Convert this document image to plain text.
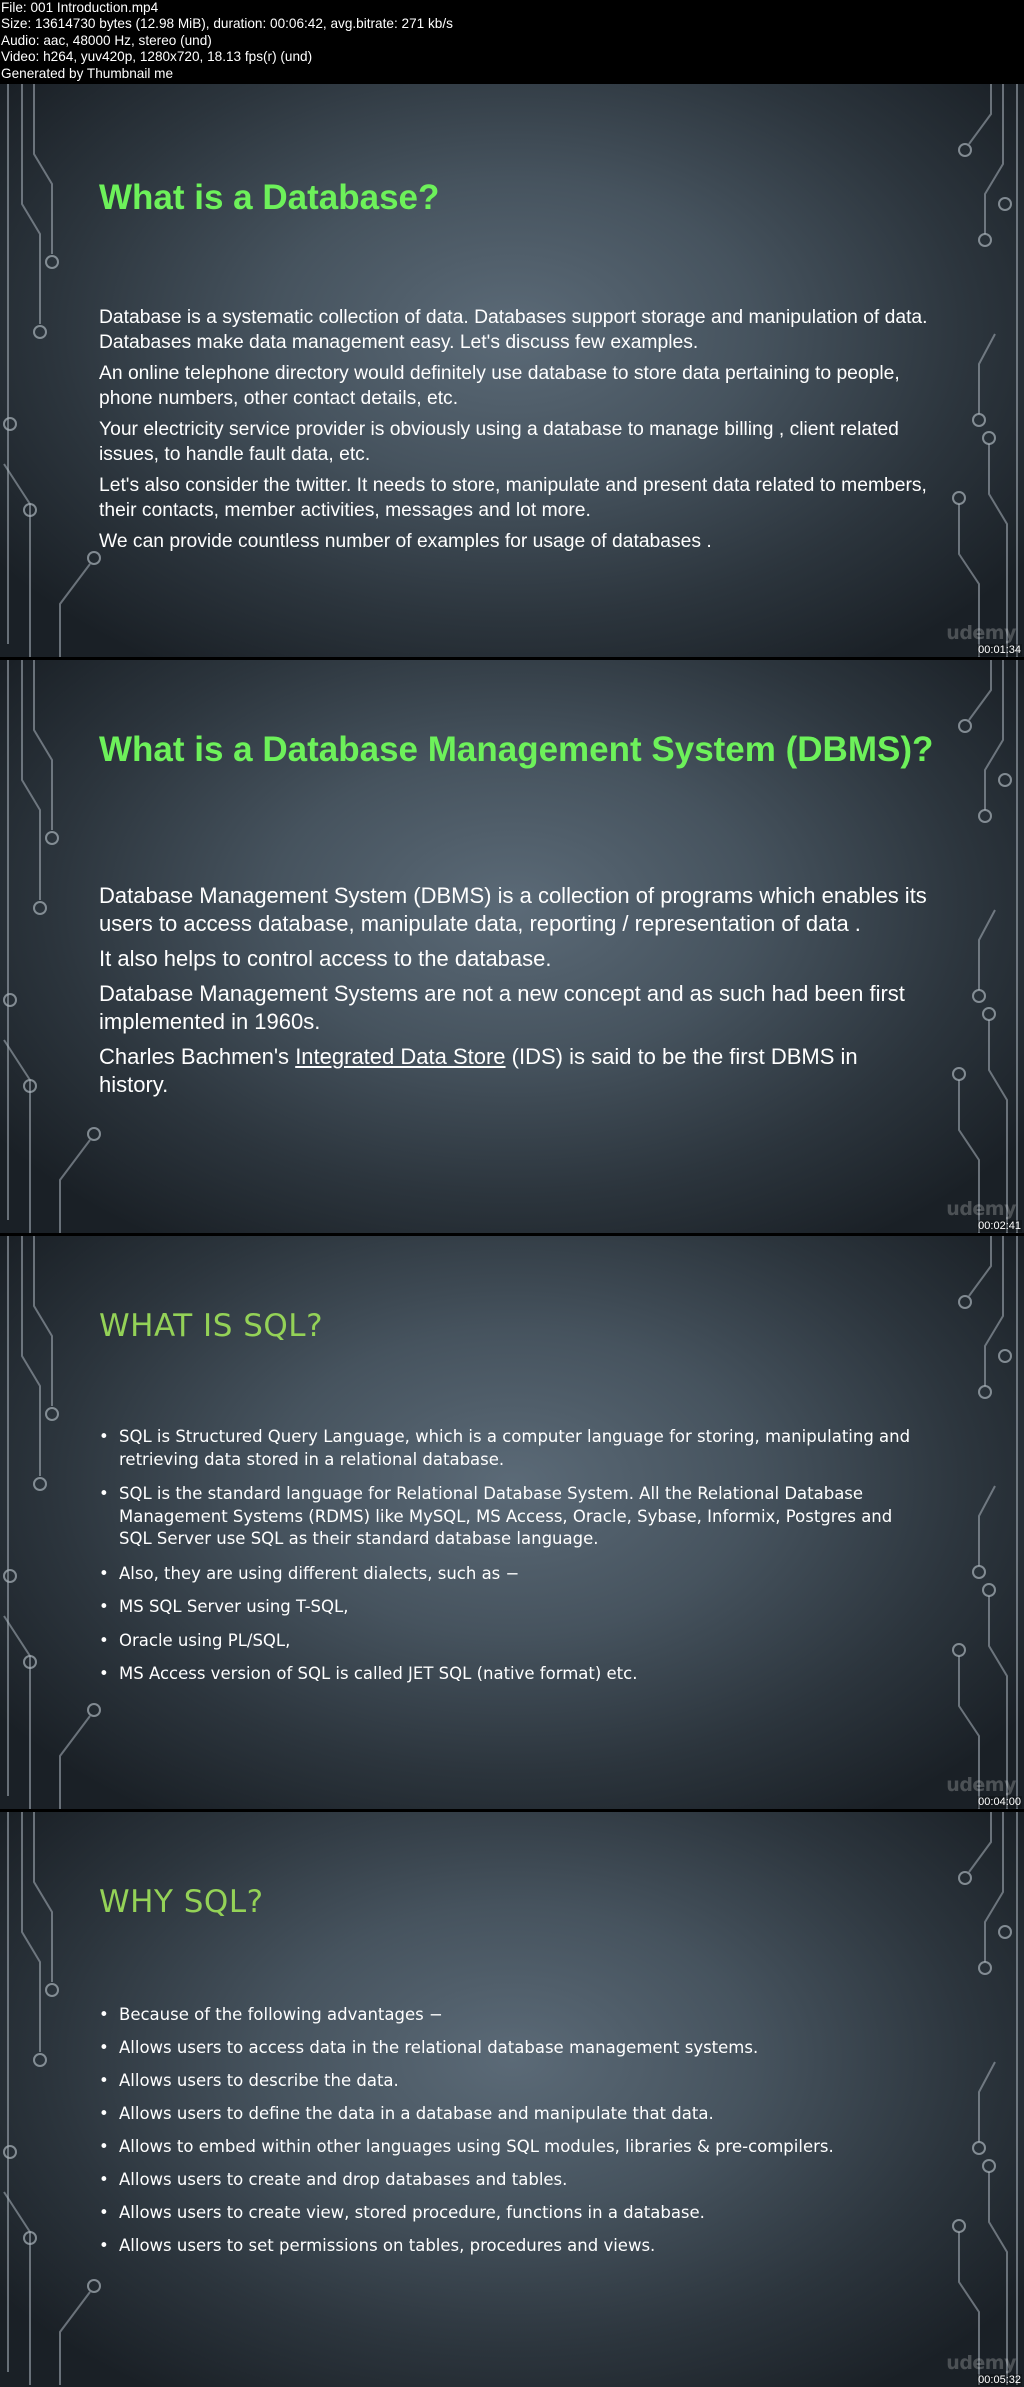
File: 001 Introduction.mp4
Size: 13614730 bytes (12.98 MiB), duration: 00:06:42, avg.bitrate: 271 kb/s
Audio: aac, 48000 Hz, stereo (und)
Video: h264, yuv420p, 1280x720, 18.13 fps(r) (und)
Generated by Thumbnail me
What is a Database?

Database is a systematic collection of data. Databases support storage and manipulation of data. Databases make data management easy. Let's discuss few examples.

An online telephone directory would definitely use database to store data pertaining to people, phone numbers, other contact details, etc.

Your electricity service provider is obviously using a database to manage billing , client related issues, to handle fault data, etc.

Let's also consider the twitter. It needs to store, manipulate and present data related to members, their contacts, member activities, messages and lot more.

We can provide countless number of examples for usage of databases .

udemy
00:01:34
What is a Database Management System (DBMS)?

Database Management System (DBMS) is a collection of programs which enables its users to access database, manipulate data, reporting / representation of data .

It also helps to control access to the database.

Database Management Systems are not a new concept and as such had been first implemented in 1960s.

Charles Bachmen's Integrated Data Store (IDS) is said to be the first DBMS in history.

udemy
00:02:41
WHAT IS SQL?
• SQL is Structured Query Language, which is a computer language for storing, manipulating and retrieving data stored in a relational database.
• SQL is the standard language for Relational Database System. All the Relational Database Management Systems (RDMS) like MySQL, MS Access, Oracle, Sybase, Informix, Postgres and SQL Server use SQL as their standard database language.
• Also, they are using different dialects, such as −
• MS SQL Server using T-SQL,
• Oracle using PL/SQL,
• MS Access version of SQL is called JET SQL (native format) etc.
udemy
00:04:00
WHY SQL?
• Because of the following advantages −
• Allows users to access data in the relational database management systems.
• Allows users to describe the data.
• Allows users to define the data in a database and manipulate that data.
• Allows to embed within other languages using SQL modules, libraries & pre-compilers.
• Allows users to create and drop databases and tables.
• Allows users to create view, stored procedure, functions in a database.
• Allows users to set permissions on tables, procedures and views.
udemy
00:05:32
